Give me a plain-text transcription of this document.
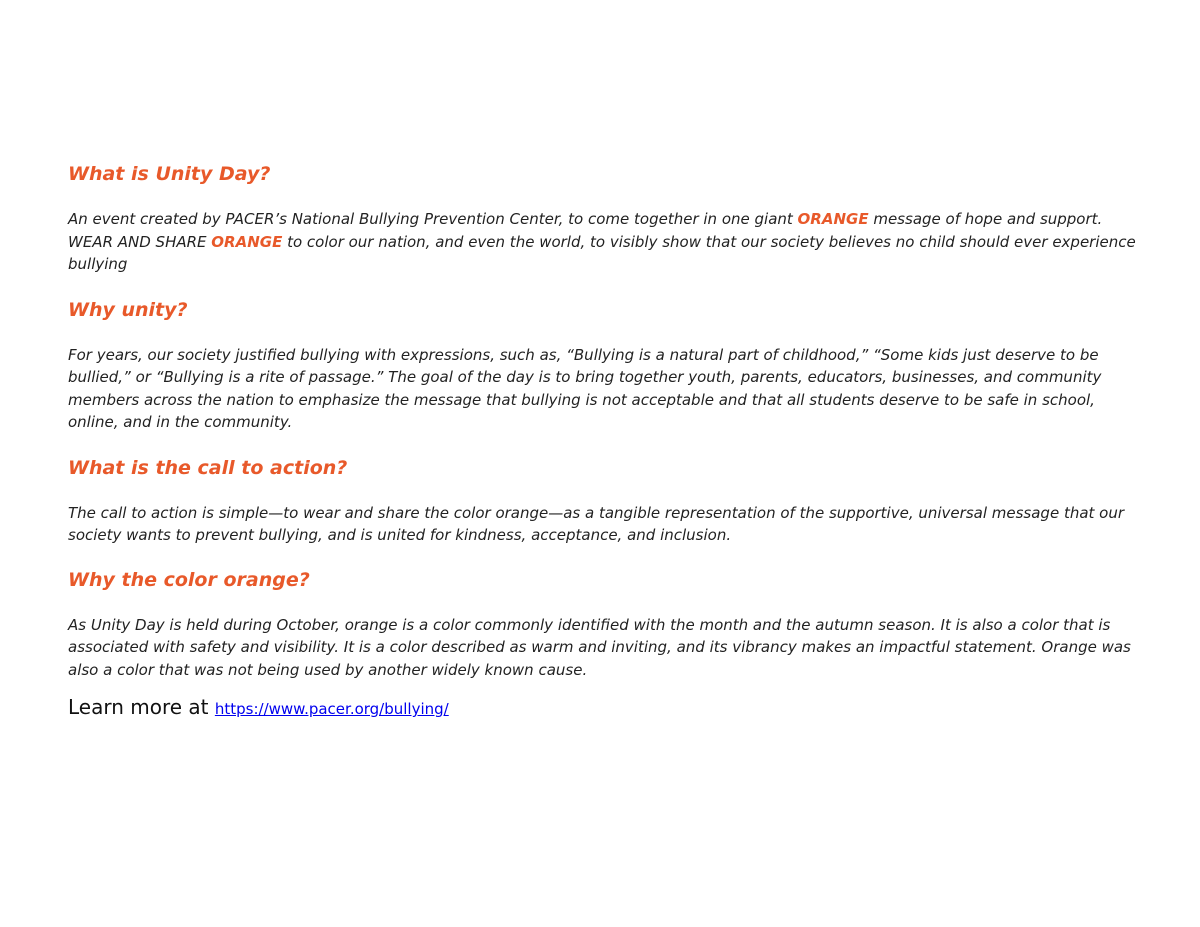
What is Unity Day?

An event created by PACER’s National Bullying Prevention Center, to come together in one giant ORANGE message of hope and support. WEAR AND SHARE ORANGE to color our nation, and even the world, to visibly show that our society believes no child should ever experience bullying

Why unity?

For years, our society justified bullying with expressions, such as, “Bullying is a natural part of childhood,” “Some kids just deserve to be bullied,” or “Bullying is a rite of passage.” The goal of the day is to bring together youth, parents, educators, businesses, and community members across the nation to emphasize the message that bullying is not acceptable and that all students deserve to be safe in school, online, and in the community.

What is the call to action?

The call to action is simple—to wear and share the color orange—as a tangible representation of the supportive, universal message that our society wants to prevent bullying, and is united for kindness, acceptance, and inclusion.

Why the color orange?

As Unity Day is held during October, orange is a color commonly identified with the month and the autumn season. It is also a color that is associated with safety and visibility. It is a color described as warm and inviting, and its vibrancy makes an impactful statement. Orange was also a color that was not being used by another widely known cause.

Learn more at https://www.pacer.org/bullying/
